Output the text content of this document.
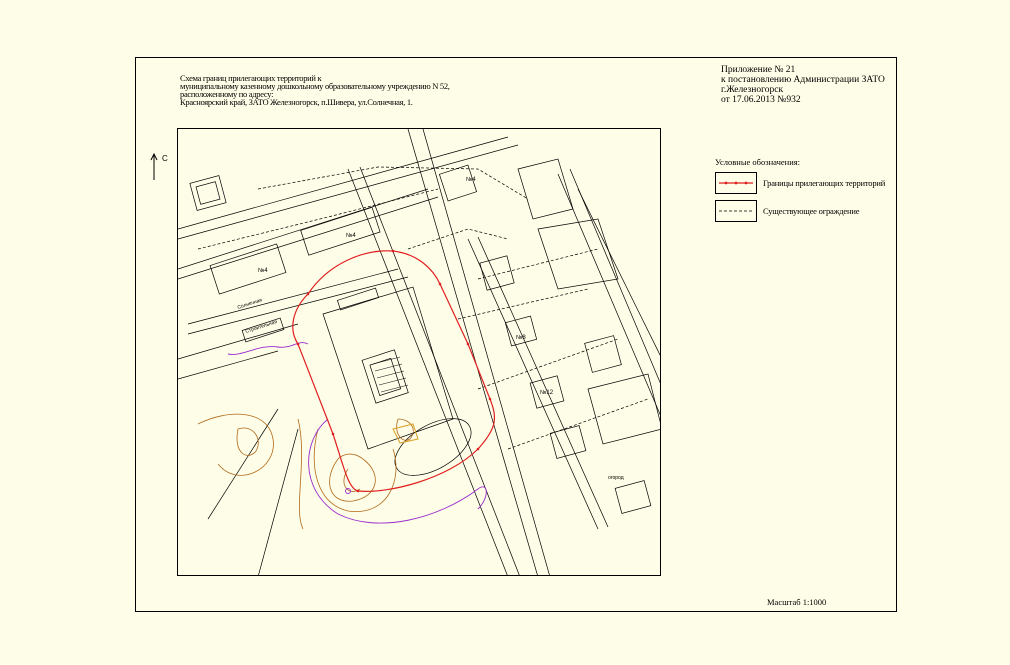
Схема границ прилегающих территорий к
муниципальному казенному дошкольному образовательному учреждению N 52,
расположенному по адресу:
Красноярский край, ЗАТО Железногорск, п.Шивера, ул.Солнечная, 1.
Приложение № 21
к постановлению Администрации ЗАТО
г.Железногорск
от 17.06.2013 №932
С
№4
№4
№4
№12
№8
Строительная
Солнечная
огород
Условные обозначения:
Границы прилегающих территорий
Существующее ограждение
Масштаб 1:1000
